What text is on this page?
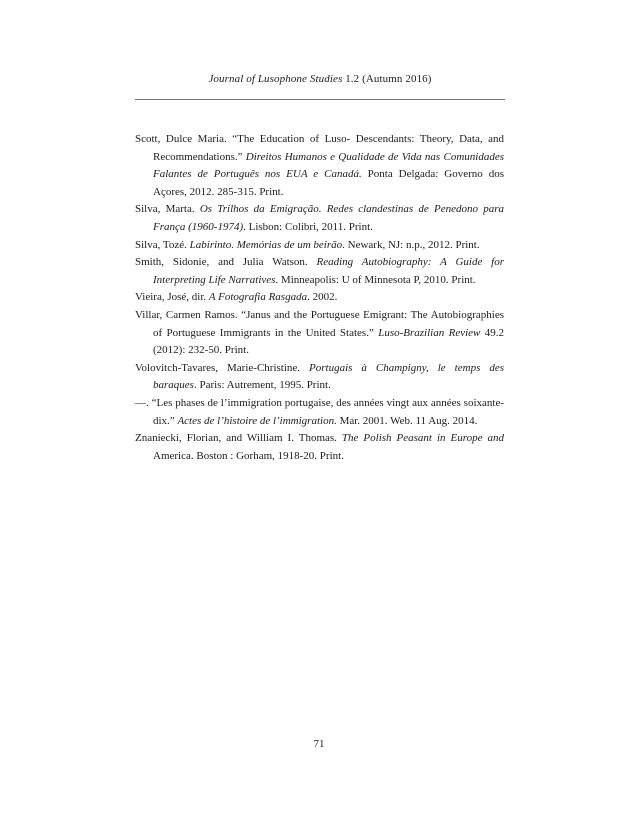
Journal of Lusophone Studies 1.2 (Autumn 2016)

Scott, Dulce Maria. “The Education of Luso- Descendants: Theory, Data, and Recommendations.” Direitos Humanos e Qualidade de Vida nas Comunidades Falantes de Português nos EUA e Canadá. Ponta Delgada: Governo dos Açores, 2012. 285-315. Print.

Silva, Marta. Os Trilhos da Emigração. Redes clandestinas de Penedono para França (1960-1974). Lisbon: Colibri, 2011. Print.

Silva, Tozé. Labirinto. Memórias de um beirão. Newark, NJ: n.p., 2012. Print.

Smith, Sidonie, and Julia Watson. Reading Autobiography: A Guide for Interpreting Life Narratives. Minneapolis: U of Minnesota P, 2010. Print.

Vieira, José, dir. A Fotografia Rasgada. 2002.

Villar, Carmen Ramos. “Janus and the Portuguese Emigrant: The Autobiographies of Portuguese Immigrants in the United States.” Luso-Brazilian Review 49.2 (2012): 232-50. Print.

Volovitch-Tavares, Marie-Christine. Portugais à Champigny, le temps des baraques. Paris: Autrement, 1995. Print.

—. “Les phases de l’immigration portugaise, des années vingt aux années soixante-dix.” Actes de l’histoire de l’immigration. Mar. 2001. Web. 11 Aug. 2014.

Znaniecki, Florian, and William I. Thomas. The Polish Peasant in Europe and America. Boston : Gorham, 1918-20. Print.

71
